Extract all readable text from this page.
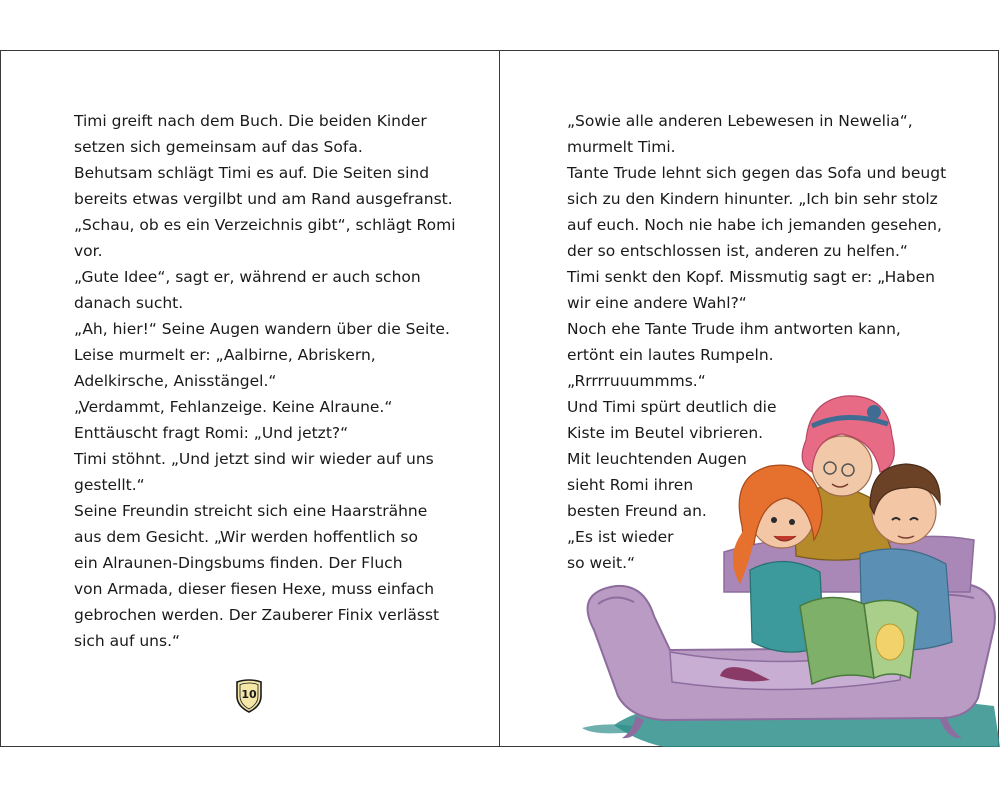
Timi greift nach dem Buch. Die beiden Kinder
setzen sich gemeinsam auf das Sofa.
Behutsam schlägt Timi es auf. Die Seiten sind
bereits etwas vergilbt und am Rand ausgefranst.
„Schau, ob es ein Verzeichnis gibt“, schlägt Romi
vor.
„Gute Idee“, sagt er, während er auch schon
danach sucht.
„Ah, hier!“ Seine Augen wandern über die Seite.
Leise murmelt er: „Aalbirne, Abriskern,
Adelkirsche, Anisstängel.“
„Verdammt, Fehlanzeige. Keine Alraune.“
Enttäuscht fragt Romi: „Und jetzt?“
Timi stöhnt. „Und jetzt sind wir wieder auf uns
gestellt.“
Seine Freundin streicht sich eine Haarsträhne
aus dem Gesicht. „Wir werden hoffentlich so
ein Alraunen-Dingsbums finden. Der Fluch
von Armada, dieser fiesen Hexe, muss einfach
gebrochen werden. Der Zauberer Finix verlässt
sich auf uns.“
10
„Sowie alle anderen Lebewesen in Newelia“,
murmelt Timi.
Tante Trude lehnt sich gegen das Sofa und beugt
sich zu den Kindern hinunter. „Ich bin sehr stolz
auf euch. Noch nie habe ich jemanden gesehen,
der so entschlossen ist, anderen zu helfen.“
Timi senkt den Kopf. Missmutig sagt er: „Haben
wir eine andere Wahl?“
Noch ehe Tante Trude ihm antworten kann,
ertönt ein lautes Rumpeln.
„Rrrrruuummms.“
Und Timi spürt deutlich die
Kiste im Beutel vibrieren.
Mit leuchtenden Augen
sieht Romi ihren
besten Freund an.
„Es ist wieder
so weit.“
